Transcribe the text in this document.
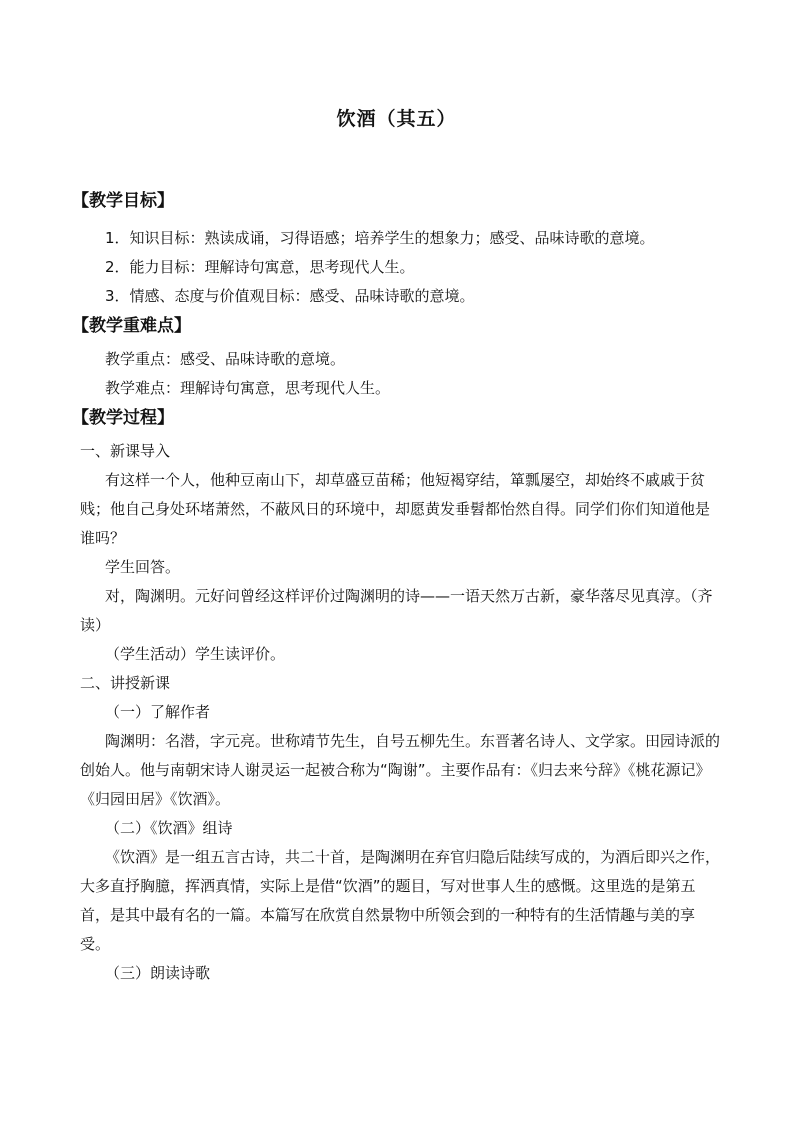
饮酒（其五）
【教学目标】
1．知识目标：熟读成诵，习得语感；培养学生的想象力；感受、品味诗歌的意境。
2．能力目标：理解诗句寓意，思考现代人生。
3．情感、态度与价值观目标：感受、品味诗歌的意境。
【教学重难点】
教学重点：感受、品味诗歌的意境。
教学难点：理解诗句寓意，思考现代人生。
【教学过程】
一、新课导入
有这样一个人，他种豆南山下，却草盛豆苗稀；他短褐穿结，箪瓢屡空，却始终不戚戚于贫贱；他自己身处环堵萧然，不蔽风日的环境中，却愿黄发垂髫都怡然自得。同学们你们知道他是谁吗？
学生回答。
对，陶渊明。元好问曾经这样评价过陶渊明的诗——一语天然万古新，豪华落尽见真淳。（齐读）
（学生活动）学生读评价。
二、讲授新课
（一）了解作者
陶渊明：名潜，字元亮。世称靖节先生，自号五柳先生。东晋著名诗人、文学家。田园诗派的创始人。他与南朝宋诗人谢灵运一起被合称为“陶谢”。主要作品有：《归去来兮辞》《桃花源记》《归园田居》《饮酒》。
（二）《饮酒》组诗
《饮酒》是一组五言古诗，共二十首，是陶渊明在弃官归隐后陆续写成的，为酒后即兴之作，大多直抒胸臆，挥洒真情，实际上是借“饮酒”的题目，写对世事人生的感慨。这里选的是第五首，是其中最有名的一篇。本篇写在欣赏自然景物中所领会到的一种特有的生活情趣与美的享受。
（三）朗读诗歌
